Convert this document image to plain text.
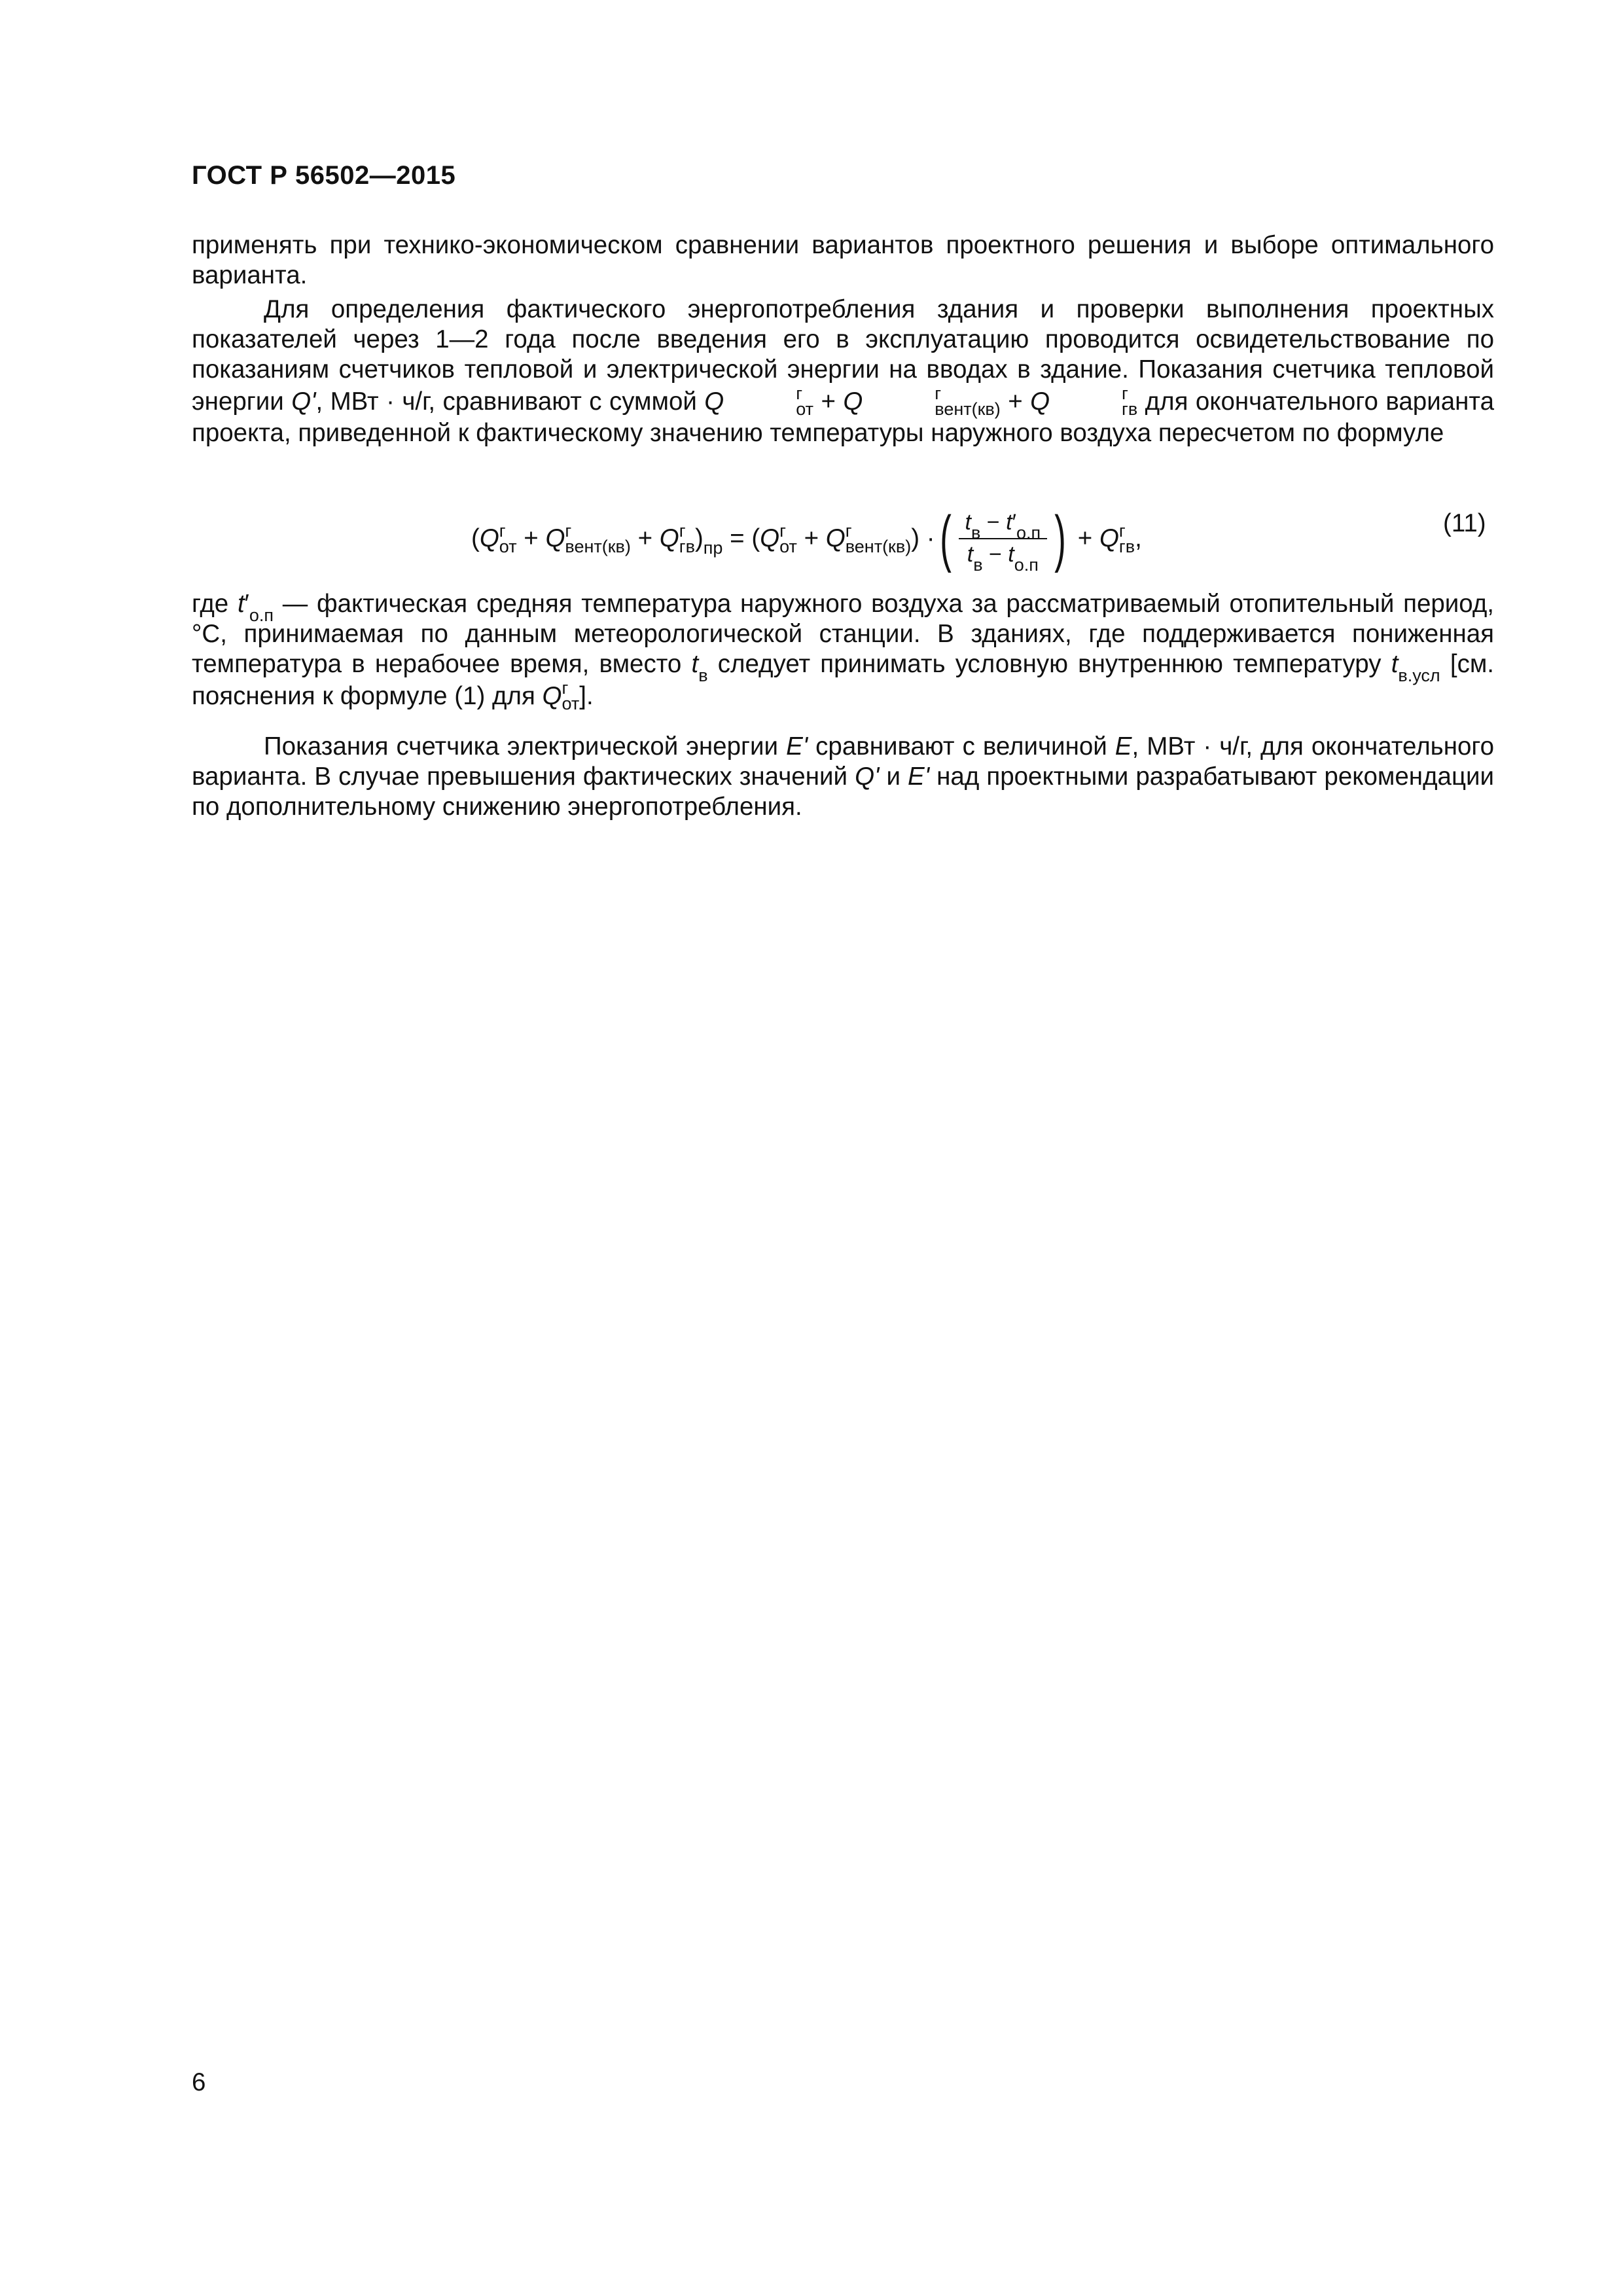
ГОСТ Р 56502—2015
применять при технико-экономическом сравнении вариантов проектного решения и выборе оптимального варианта.
Для определения фактического энергопотребления здания и проверки выполнения проектных показателей через 1—2 года после введения его в эксплуатацию проводится освидетельствование по показаниям счетчиков тепловой и электрической энергии на вводах в здание. Показания счетчика тепловой энергии Q', МВт · ч/г, сравнивают с суммой Q	г
от + Q	г
вент(кв) + Q	г
гв для окончательного варианта проекта, приведенной к фактическому значению температуры наружного воздуха пересчетом по формуле
( Q г
от
+
Q г
вент(кв)
+
Q г
гв )$_{пр}$
=
( Q г
от
+
Q г
вент(кв) )
· ( $\frac{t_в - t'_{о.п}}{t_в - t_{о.п}}$ )
+
Q г
гв ,
(11)
где $t'_{о.п}$ — фактическая средняя температура наружного воздуха за рассматриваемый отопительный период, °С, принимаемая по данным метеорологической станции. В зданиях, где поддерживается пониженная температура в нерабочее время, вместо $t_в$ следует принимать условную внутреннюю температуру $t_{в.усл}$ [см. пояснения к формуле (1) для Q г
от ].
Показания счетчика электрической энергии E' сравнивают с величиной E, МВт · ч/г, для окончательного варианта. В случае превышения фактических значений Q' и E' над проектными разрабатывают рекомендации по дополнительному снижению энергопотребления.
6
